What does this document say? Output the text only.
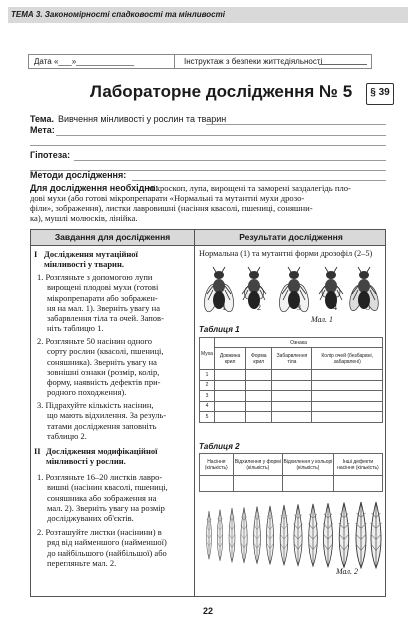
ТЕМА 3. Закономірності спадковості та мінливості
Дата «___»_____________	Інструктаж з безпеки життєдіяльності
Лабораторне дослідження № 5	§ 39
Тема. Вивчення мінливості у рослин та тварин
Мета:
Гіпотеза:
Методи дослідження:
Для дослідження необхідно:
мікроскоп, лупа, вирощені та заморені заздалегідь пло-
дові мухи (або готові мікропрепарати «Нормальні та мутантні мухи дрозо-
філи», зображення), листки лавровишні (насіння квасолі, пшениці, соняшни-
ка), мушлі молюсків, лінійка.
Завдання для дослідження	Результати дослідження
I Дослідження мутаційної
мінливості у тварин.
1. Розгляньте з допомогою лупи
вирощені плодові мухи (готові
мікропрепарати або зображен-
ня на мал. 1). Зверніть увагу на
забарвлення тіла та очей. Запов-
ніть таблицю 1.
2. Розгляньте 50 насінин одного
сорту рослин (квасолі, пшениці,
соняшника). Зверніть увагу на
зовнішні ознаки (розмір, колір,
форму, наявність дефектів при-
родного походження).
3. Підрахуйте кількість насінин,
що мають відхилення. За резуль-
татами дослідження заповніть
таблицю 2.
II Дослідження модифікаційної
мінливості у рослин.
1. Розгляньте 16–20 листків лавро-
вишні (насінин квасолі, пшениці,
соняшника або зображення на
мал. 2). Зверніть увагу на розмір
досліджуваних об'єктів.
2. Розташуйте листки (насінини) в
ряд від найменшого (найменшої)
до найбільшого (найбільшої) або
перегляньте мал. 2.
Нормальна (1) та мутантні форми дрозофіл (2–5)
1	2	3	4	5
Мал. 1
Таблиця 1
Муха	Ознака			
	Довжина крил	Форма крил	Забарвлення тіла	Колір очей (безбарвні, забарвлені)
1				
2				
3				
4				
5				
Таблиця 2
Насіння (кількість)	Відхилення у формі (кількість)	Відхилення у кольорі (кількість)	Інші дефекти насіння (кількість)

Мал. 2
22
